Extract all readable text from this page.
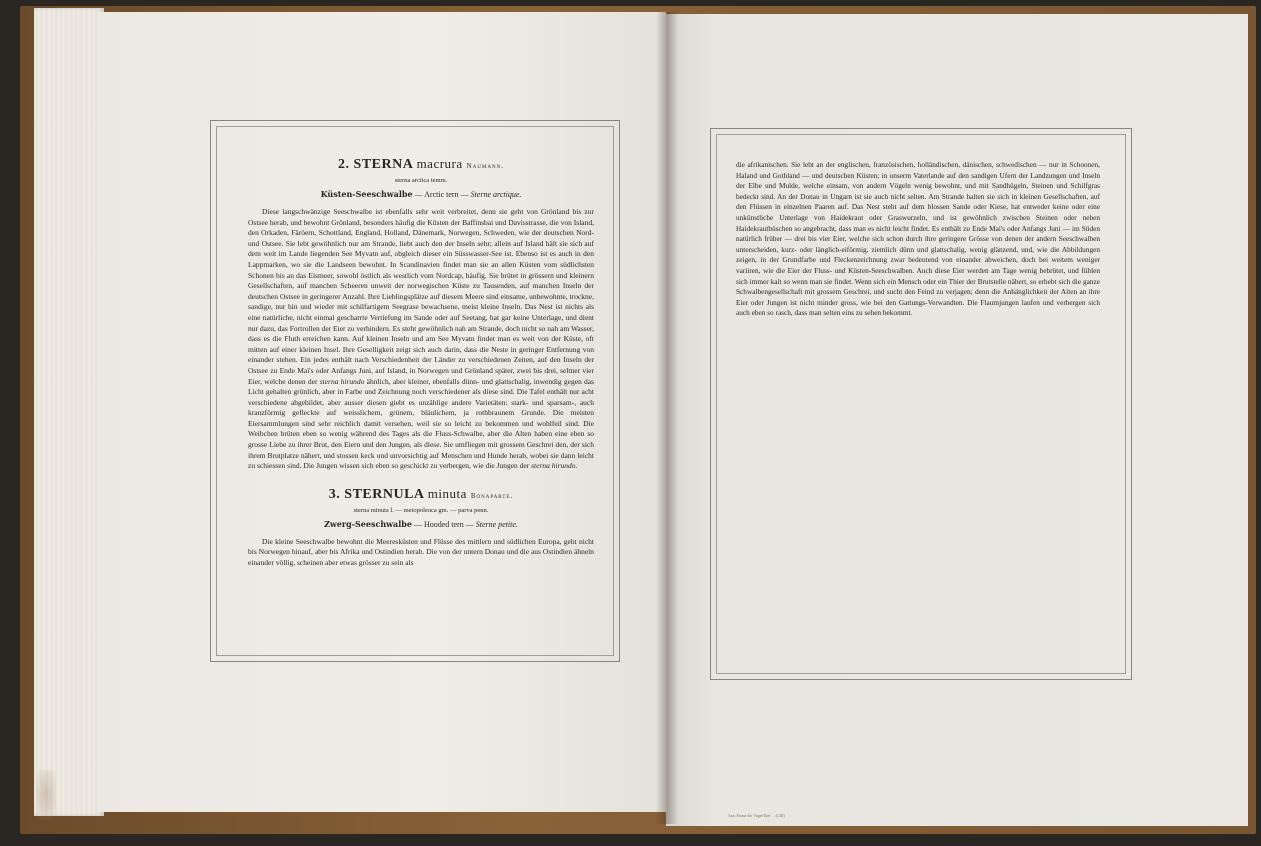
2. STERNA macrura Naumann.
sterna arctica temm.
Küsten-Seeschwalbe — Arctic tern — Sterne arctique.

Diese langschwänzige Seeschwalbe ist ebenfalls sehr weit verbreitet, denn sie geht von Grönland bis zur Ostsee herab, und bewohnt Grönland, besonders häufig die Küsten der Baffinsbai und Davisstrasse, die von Island, den Orkaden, Färöern, Schottland, England, Holland, Dänemark, Norwegen, Schweden, wie der deutschen Nord- und Ostsee. Sie lebt gewöhnlich nur am Strande, liebt auch den der Inseln sehr; allein auf Island hält sie sich auf dem weit im Lande liegenden See Myvatn auf, obgleich dieser ein Süsswasser-See ist. Ebenso ist es auch in den Lappmarken, wo sie die Landseen bewohnt. In Scandinavien findet man sie an allen Küsten vom südlichsten Schonen bis an das Eismeer, sowohl östlich als westlich vom Nordcap, häufig. Sie brütet in grössern und kleinern Gesellschaften, auf manchen Scheeren unweit der norwegischen Küste zu Tausenden, auf manchen Inseln der deutschen Ostsee in geringerer Anzahl. Ihre Lieblingsplätze auf diesem Meere sind einsame, unbewohnte, trockne, sandige, nur hin und wieder mit schilfartigem Seegrase bewachsene, meist kleine Inseln. Das Nest ist nichts als eine natürliche, nicht einmal gescharrte Vertiefung im Sande oder auf Seetang, hat gar keine Unterlage, und dient nur dazu, das Fortrollen der Eier zu verhindern. Es steht gewöhnlich nah am Strande, doch nicht so nah am Wasser, dass es die Fluth erreichen kann. Auf kleinen Inseln und am See Myvatn findet man es weit von der Küste, oft mitten auf einer kleinen Insel. Ihre Geselligkeit zeigt sich auch darin, dass die Neste in geringer Entfernung von einander stehen. Ein jedes enthält nach Verschiedenheit der Länder zu verschiedenen Zeiten, auf den Inseln der Ostsee zu Ende Mai's oder Anfangs Juni, auf Island, in Norwegen und Grönland später, zwei bis drei, seltner vier Eier, welche denen der sterna hirundo ähnlich, aber kleiner, ebenfalls dünn- und glattschalig, inwendig gegen das Licht gehalten grünlich, aber in Farbe und Zeichnung noch verschiedener als diese sind. Die Tafel enthält nur acht verschiedene abgebildet, aber ausser diesen giebt es unzählige andere Varietäten: stark- und sparsam-, auch kranzförmig gefleckte auf weisslichem, grünem, bläulichem, ja rothbraunem Grunde. Die meisten Eiersammlungen sind sehr reichlich damit versehen, weil sie so leicht zu bekommen und wohlfeil sind. Die Weibchen brüten eben so wenig während des Tages als die Fluss-Schwalbe, aber die Alten haben eine eben so grosse Liebe zu ihrer Brut, den Eiern und den Jungen, als diese. Sie umfliegen mit grossem Geschrei den, der sich ihrem Brutplatze nähert, und stossen keck und unvorsichtig auf Menschen und Hunde herab, wobei sie dann leicht zu schiessen sind. Die Jungen wissen sich eben so geschickt zu verbergen, wie die Jungen der sterna hirundo.

3. STERNULA minuta Bonaparte.
sterna minuta l. — metopoleuca gm. — parva penn.
Zwerg-Seeschwalbe — Hooded tern — Sterne petite.

Die kleine Seeschwalbe bewohnt die Meeresküsten und Flüsse des mittlern und südlichen Europa, geht nicht bis Norwegen hinauf, aber bis Afrika und Ostindien herab. Die von der untern Donau und die aus Ostindien ähneln einander völlig, scheinen aber etwas grösser zu sein als

die afrikanischen. Sie lebt an der englischen, französischen, holländischen, dänischen, schwedischen — nur in Schoonen, Haland und Gothland — und deutschen Küsten; in unserm Vaterlande auf den sandigen Ufern der Landzungen und Inseln der Elbe und Mulde, welche einsam, von andern Vögeln wenig bewohnt, und mit Sandhügeln, Steinen und Schilfgras bedeckt sind. An der Donau in Ungarn ist sie auch nicht selten. Am Strande halten sie sich in kleinen Gesellschaften, auf den Flüssen in einzelnen Paaren auf. Das Nest steht auf dem blossen Sande oder Kiese, hat entweder keine oder eine unkünstliche Unterlage von Haidekraut oder Graswurzeln, und ist gewöhnlich zwischen Steinen oder neben Haidekrautbüschen so angebracht, dass man es nicht leicht findet. Es enthält zu Ende Mai's oder Anfangs Juni — im Süden natürlich früher — drei bis vier Eier, welche sich schon durch ihre geringere Grösse von denen der andern Seeschwalben unterscheiden, kurz- oder länglich-eiförmig, ziemlich dünn und glattschalig, wenig glänzend, und, wie die Abbildungen zeigen, in der Grundfarbe und Fleckenzeichnung zwar bedeutend von einander abweichen, doch bei weitem weniger variiren, wie die Eier der Fluss- und Küsten-Seeschwalben. Auch diese Eier werden am Tage wenig bebrütet, und fühlen sich immer kalt so wenn man sie findet. Wenn sich ein Mensch oder ein Thier der Brutstelle nähert, so erhebt sich die ganze Schwalbengesellschaft mit grossem Geschrei, und sucht den Feind zu verjagen; denn die Anhänglichkeit der Alten an ihre Eier oder Jungen ist nicht minder gross, wie bei den Gattungs-Verwandten. Die Flaumjungen laufen und verbergen sich auch eben so rasch, dass man selten eins zu sehen bekommt.

Aus: Fauna der Vogel-Eier ... (LIII)
